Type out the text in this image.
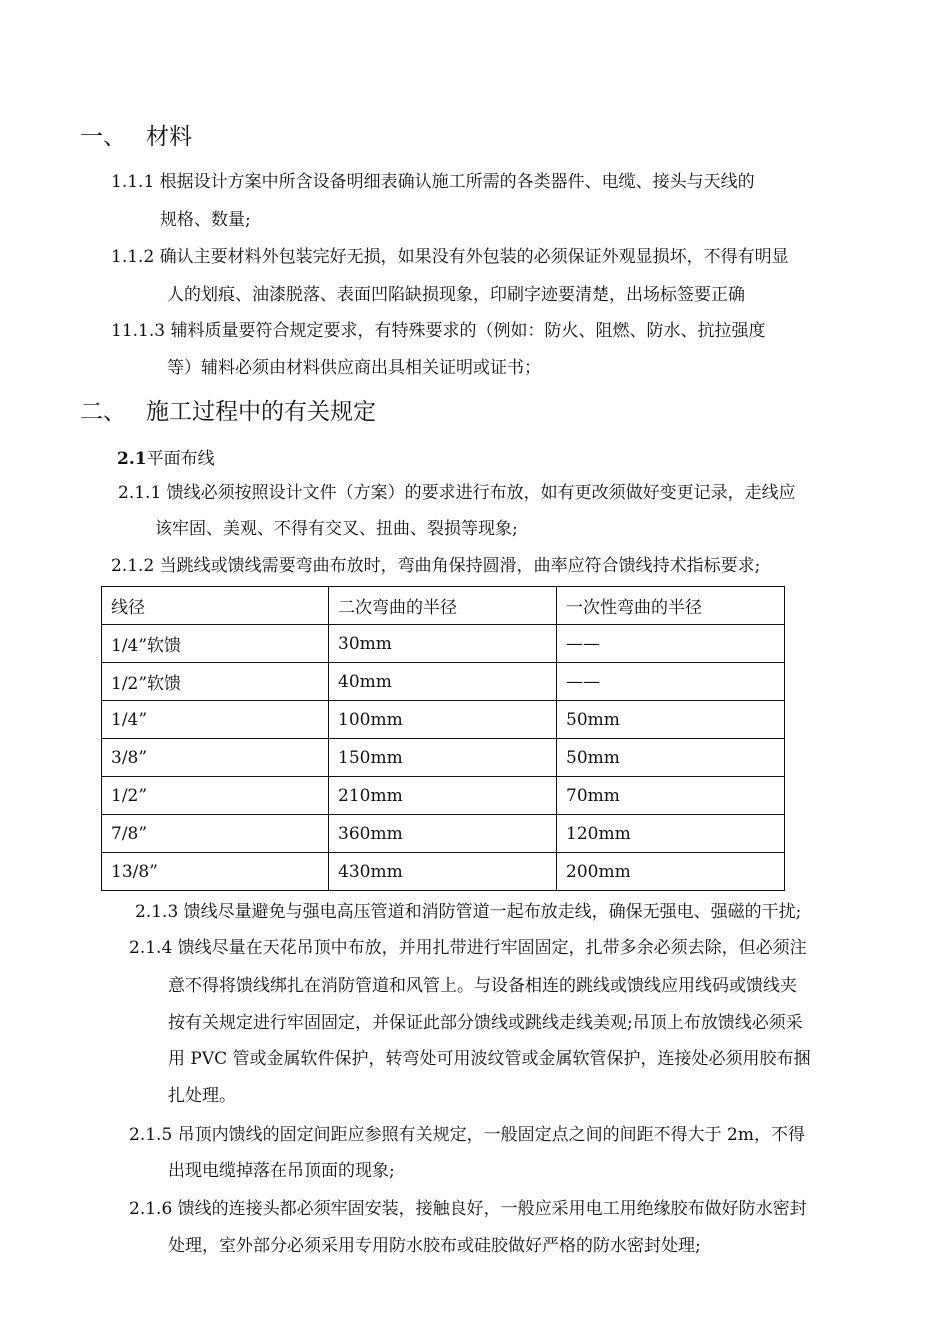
一、 材料
1.1.1 根据设计方案中所含设备明细表确认施工所需的各类器件、电缆、接头与天线的
规格、数量;
1.1.2 确认主要材料外包装完好无损，如果没有外包装的必须保证外观显损坏，不得有明显
人的划痕、油漆脱落、表面凹陷缺损现象，印刷字迹要清楚，出场标签要正确
11.1.3 辅料质量要符合规定要求，有特殊要求的（例如：防火、阻燃、防水、抗拉强度
等）辅料必须由材料供应商出具相关证明或证书；
二、 施工过程中的有关规定
2.1平面布线
2.1.1 馈线必须按照设计文件（方案）的要求进行布放，如有更改须做好变更记录，走线应
该牢固、美观、不得有交叉、扭曲、裂损等现象;
2.1.2 当跳线或馈线需要弯曲布放时，弯曲角保持圆滑，曲率应符合馈线持术指标要求;
线径	二次弯曲的半径	一次性弯曲的半径
1/4”软馈	30mm	——
1/2”软馈	40mm	——
1/4”	100mm	50mm
3/8”	150mm	50mm
1/2”	210mm	70mm
7/8”	360mm	120mm
13/8”	430mm	200mm
2.1.3 馈线尽量避免与强电高压管道和消防管道一起布放走线，确保无强电、强磁的干扰;
2.1.4 馈线尽量在天花吊顶中布放，并用扎带进行牢固固定，扎带多余必须去除，但必须注
意不得将馈线绑扎在消防管道和风管上。与设备相连的跳线或馈线应用线码或馈线夹
按有关规定进行牢固固定，并保证此部分馈线或跳线走线美观;吊顶上布放馈线必须采
用 PVC 管或金属软件保护，转弯处可用波纹管或金属软管保护，连接处必须用胶布捆
扎处理。
2.1.5 吊顶内馈线的固定间距应参照有关规定，一般固定点之间的间距不得大于 2m，不得
出现电缆掉落在吊顶面的现象;
2.1.6 馈线的连接头都必须牢固安装，接触良好，一般应采用电工用绝缘胶布做好防水密封
处理，室外部分必须采用专用防水胶布或硅胶做好严格的防水密封处理;
